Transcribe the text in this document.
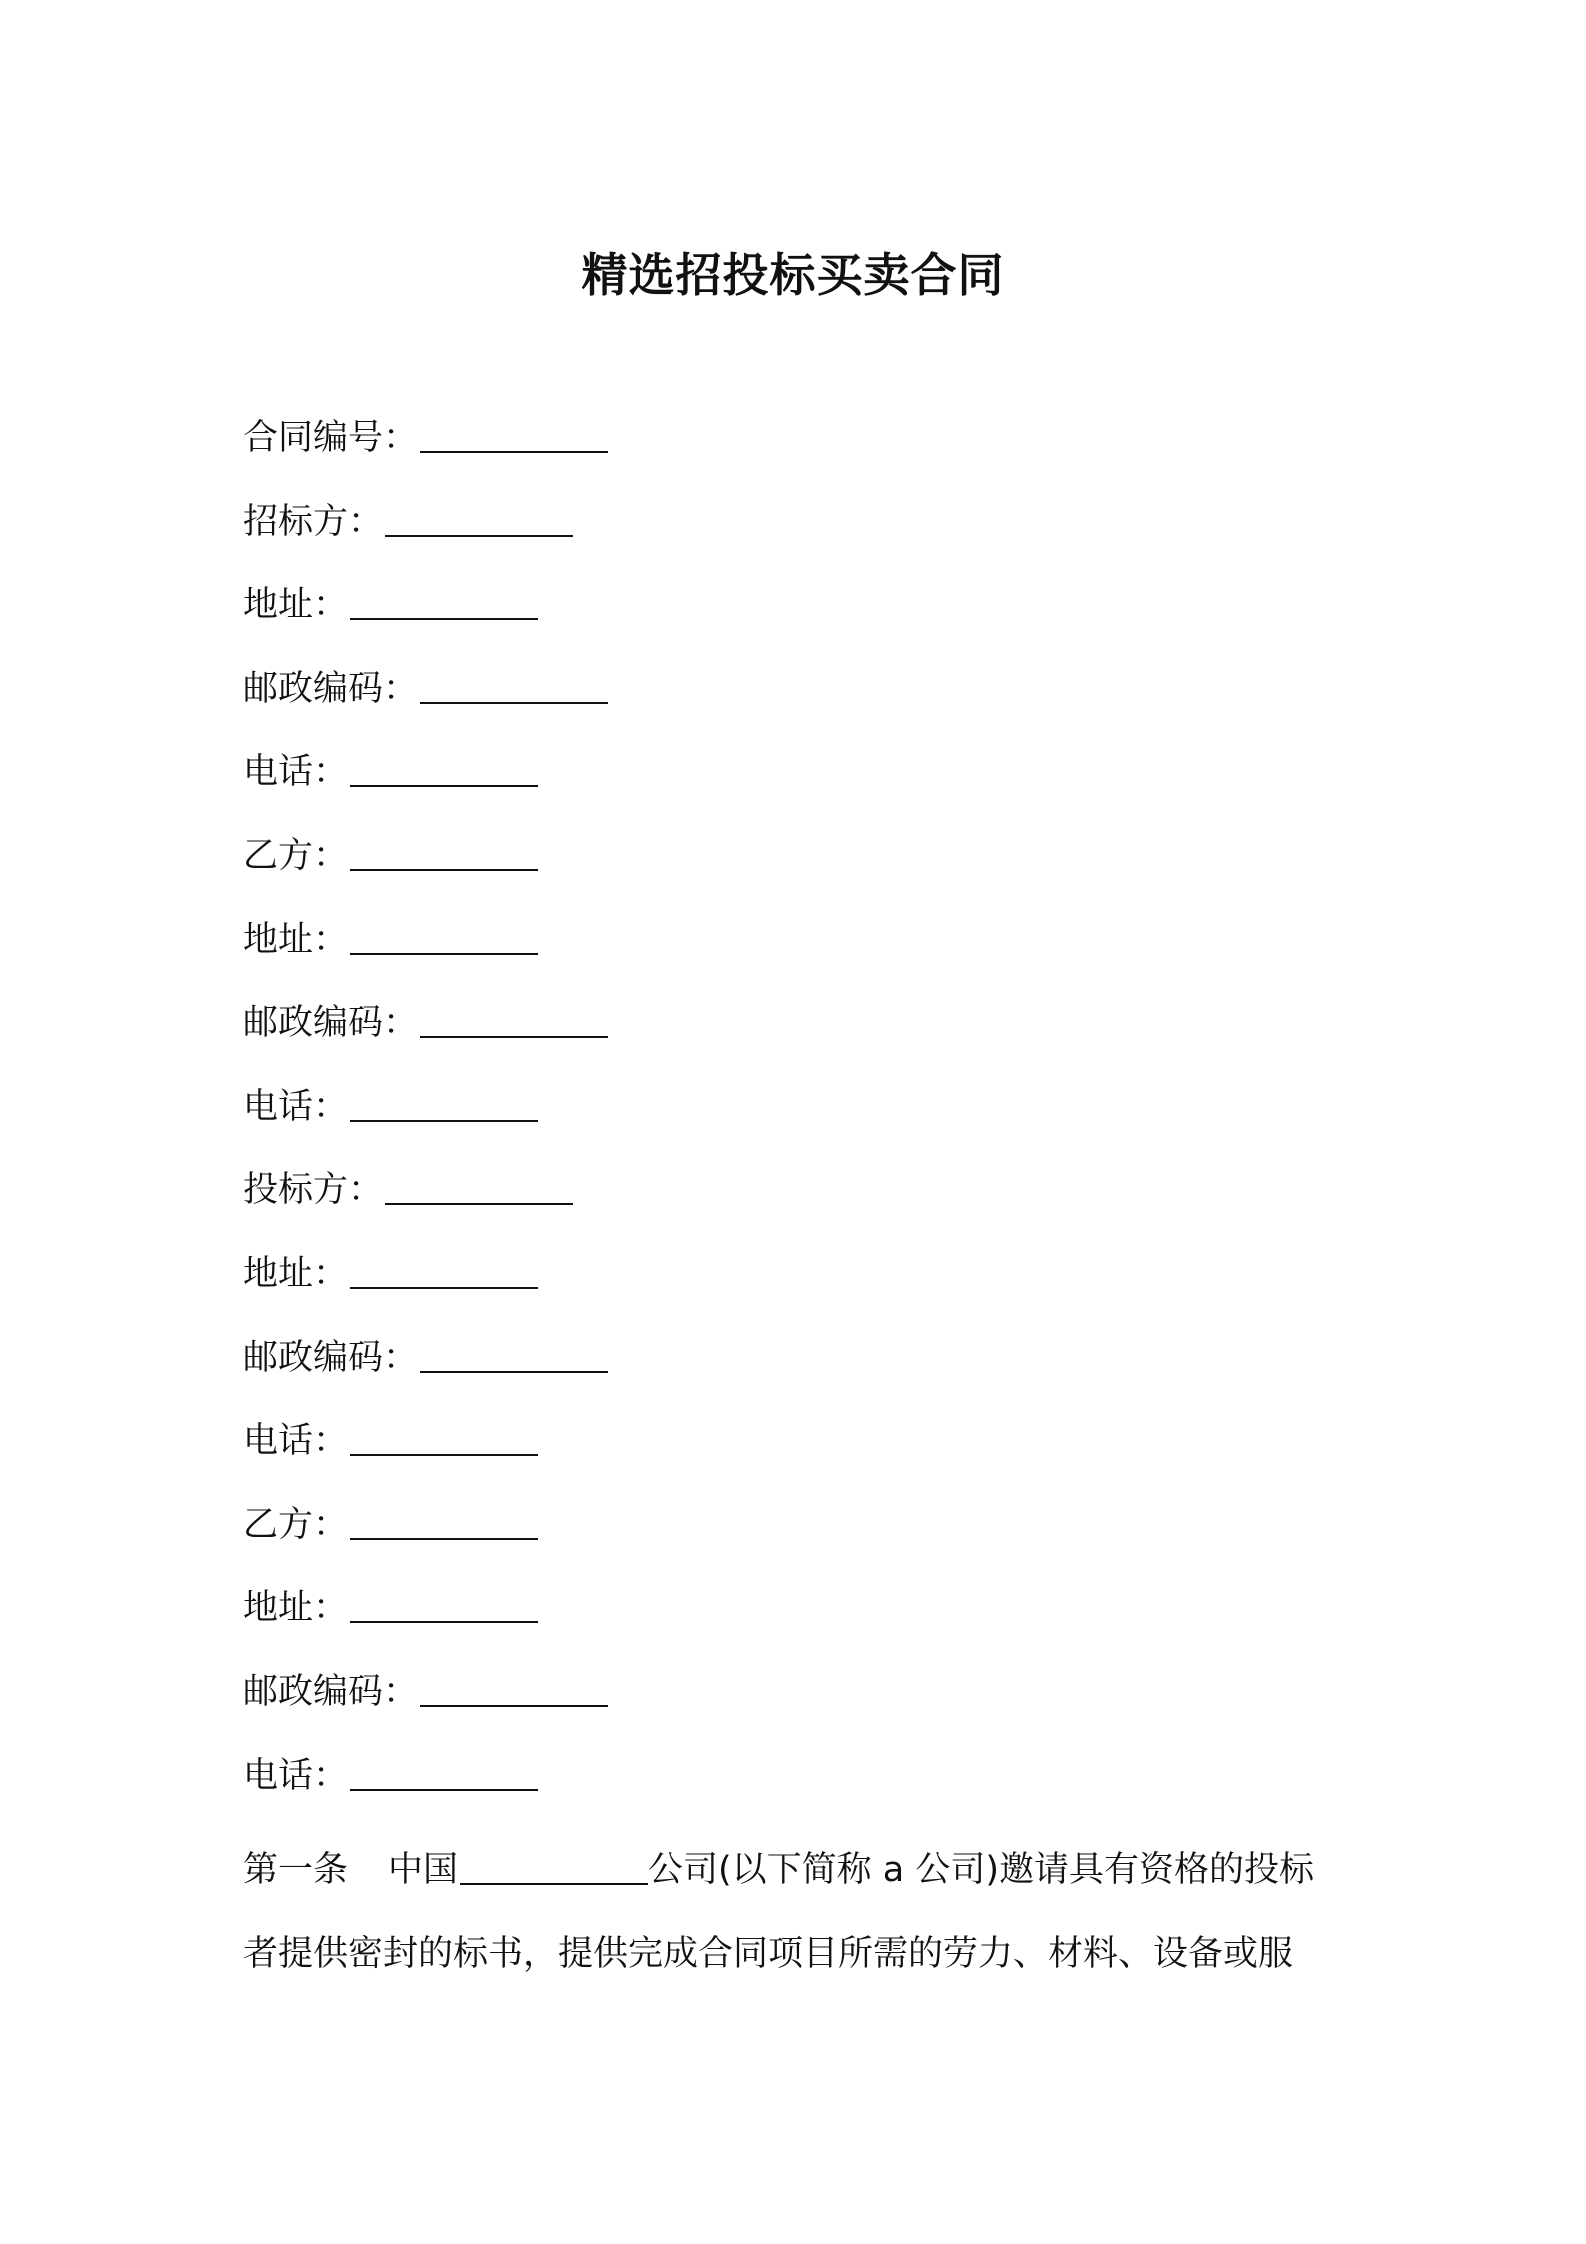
精选招投标买卖合同
合同编号：
招标方：
地址：
邮政编码：
电话：
乙方：
地址：
邮政编码：
电话：
投标方：
地址：
邮政编码：
电话：
乙方：
地址：
邮政编码：
电话：

第一条 中国	公司(以下简称 a 公司)邀请具有资格的投标

者提供密封的标书，提供完成合同项目所需的劳力、材料、设备或服
